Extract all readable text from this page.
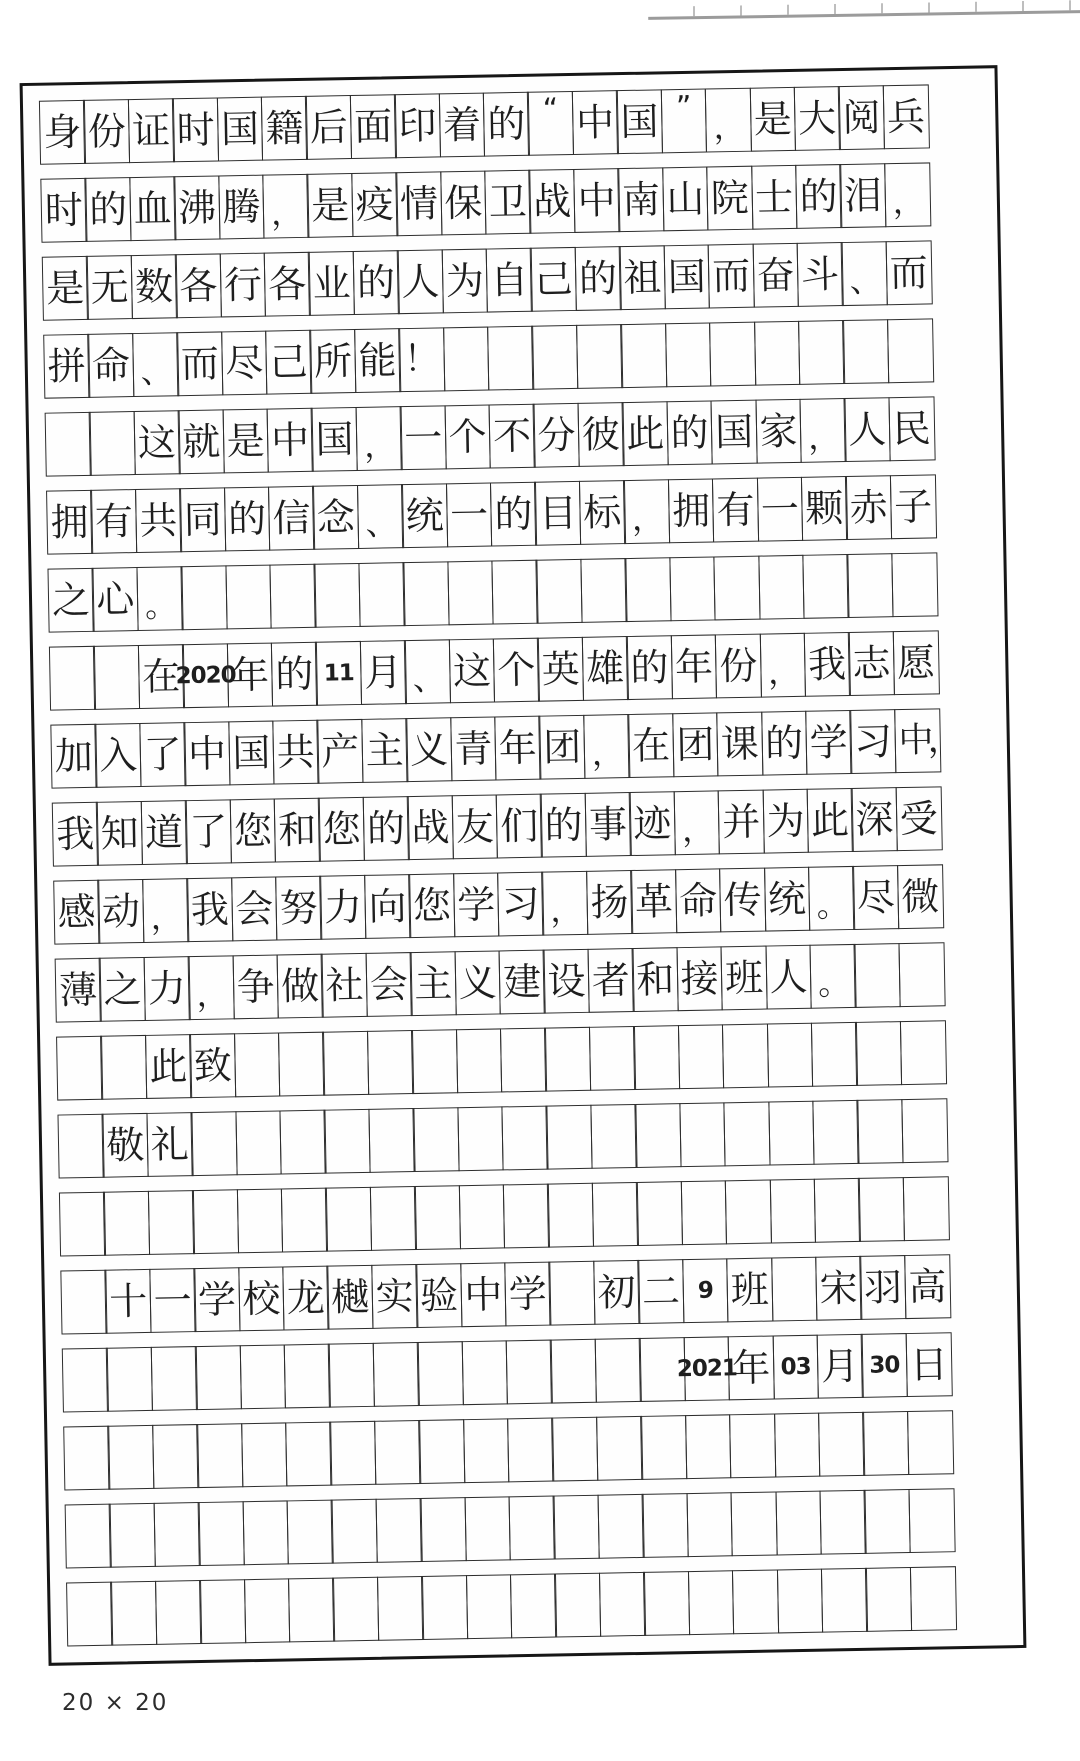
身 份 证 时 国 籍 后 面 印 着 的 “ 中 国 ”
， 是 大 阅 兵
时 的 血 沸 腾 ， 是 疫 情 保 卫 战 中 南 山 院 士 的 泪 ，
是 无 数 各 行 各 业 的 人 为 自 己 的 祖 国 而 奋 斗 、 而
拼 命 、 而 尽 己 所 能 ！
这 就 是 中 国 ， 一 个 不 分 彼 此 的 国 家 ， 人 民
拥 有 共 同 的 信 念 、 统 一 的 目 标 ， 拥 有 一 颗 赤 子
之 心 。
在
2020
年 的 11 月 、 这 个 英 雄 的 年 份 ， 我 志 愿
加 入 了 中 国 共 产 主 义 青 年 团 ， 在 团 课 的 学 习 中，
我 知 道 了 您 和 您 的 战 友 们 的 事 迹 ， 并 为 此 深 受
感 动 ， 我 会 努 力 向 您 学 习 ， 扬 革 命 传 统 。 尽 微
薄 之 力 ， 争 做 社 会 主 义 建 设 者 和 接 班 人 。
此 致
敬 礼
十 一 学 校 龙 樾 实 验 中 学 初 二 9 班 宋 羽 高
2021
年 03 月 30 日
20 × 20
